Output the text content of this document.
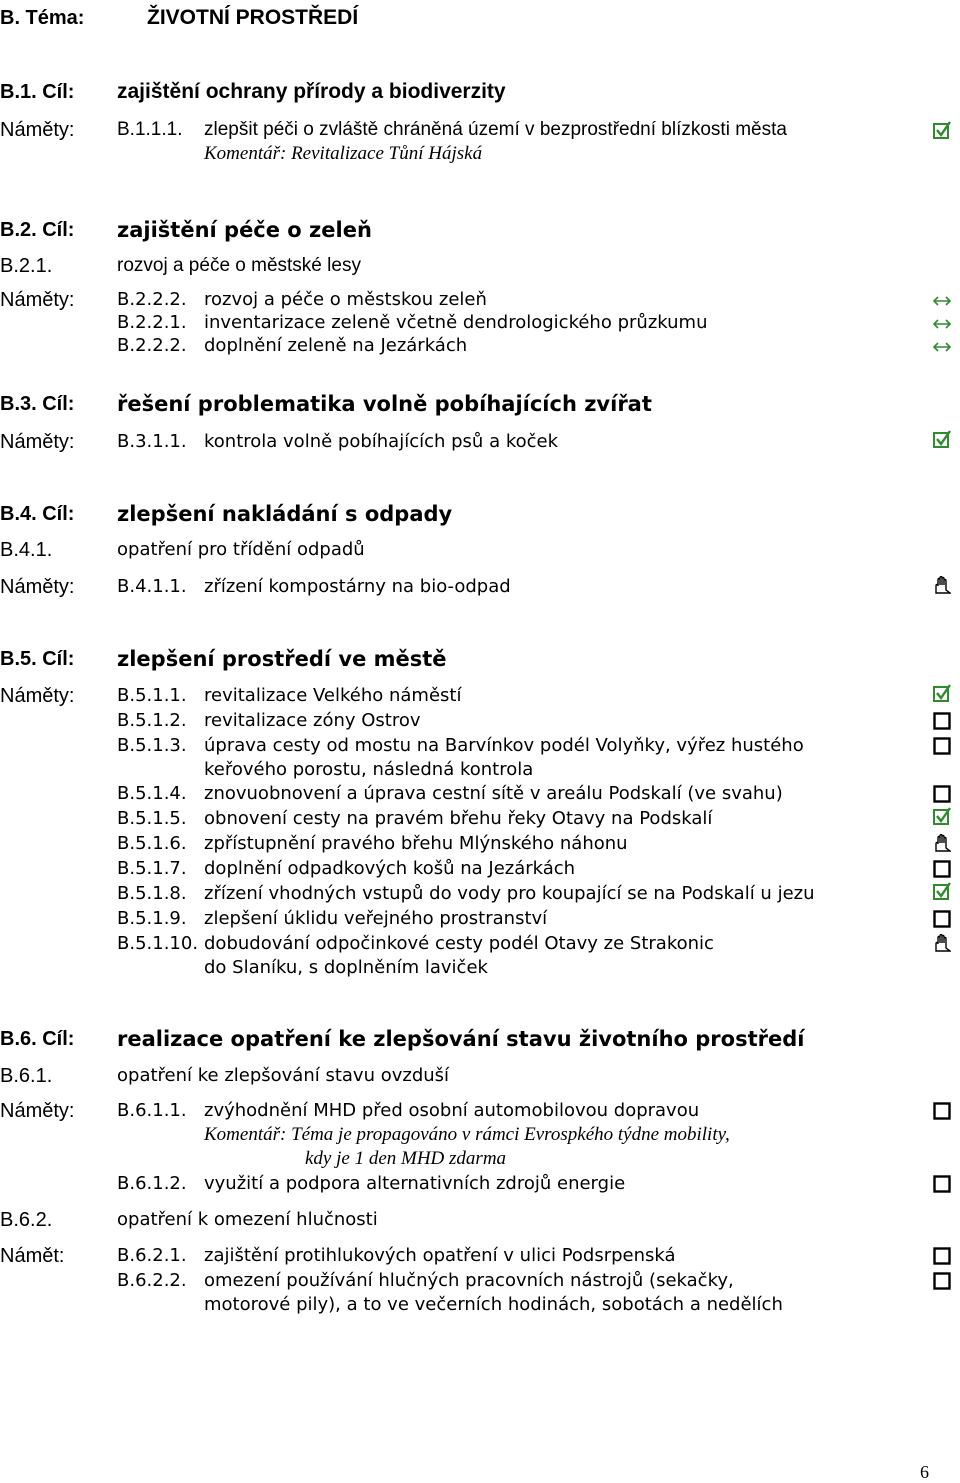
B. Téma:	ŽIVOTNÍ PROSTŘEDÍ
B.1. Cíl: zajištění ochrany přírody a biodiverzity
Náměty: B.1.1.1. zlepšit péči o zvláště chráněná území v bezprostřední blízkosti města
Komentář: Revitalizace Tůní Hájská
B.2. Cíl: zajištění péče o zeleň
B.2.1.	rozvoj a péče o městské lesy
Náměty: B.2.2.2. rozvoj a péče o městskou zeleň
B.2.2.1. inventarizace zeleně včetně dendrologického průzkumu
B.2.2.2. doplnění zeleně na Jezárkách
B.3. Cíl: řešení problematika volně pobíhajících zvířat
Náměty: B.3.1.1. kontrola volně pobíhajících psů a koček
B.4. Cíl: zlepšení nakládání s odpady
B.4.1.	opatření pro třídění odpadů
Náměty: B.4.1.1. zřízení kompostárny na bio-odpad
B.5. Cíl: zlepšení prostředí ve městě
Náměty: B.5.1.1. revitalizace Velkého náměstí
B.5.1.2. revitalizace zóny Ostrov
B.5.1.3. úprava cesty od mostu na Barvínkov podél Volyňky, výřez hustého
keřového porostu, následná kontrola
B.5.1.4. znovuobnovení a úprava cestní sítě v areálu Podskalí (ve svahu)
B.5.1.5. obnovení cesty na pravém břehu řeky Otavy na Podskalí
B.5.1.6. zpřístupnění pravého břehu Mlýnského náhonu
B.5.1.7. doplnění odpadkových košů na Jezárkách
B.5.1.8. zřízení vhodných vstupů do vody pro koupající se na Podskalí u jezu
B.5.1.9. zlepšení úklidu veřejného prostranství
B.5.1.10. dobudování odpočinkové cesty podél Otavy ze Strakonic
do Slaníku, s doplněním laviček
B.6. Cíl: realizace opatření ke zlepšování stavu životního prostředí
B.6.1.	opatření ke zlepšování stavu ovzduší
Náměty: B.6.1.1. zvýhodnění MHD před osobní automobilovou dopravou
Komentář: Téma je propagováno v rámci Evrospkého týdne mobility,
kdy je 1 den MHD zdarma
B.6.1.2. využití a podpora alternativních zdrojů energie
B.6.2.	opatření k omezení hlučnosti
Námět:	B.6.2.1. zajištění protihlukových opatření v ulici Podsrpenská
B.6.2.2. omezení používání hlučných pracovních nástrojů (sekačky,
motorové pily), a to ve večerních hodinách, sobotách a nedělích
6
